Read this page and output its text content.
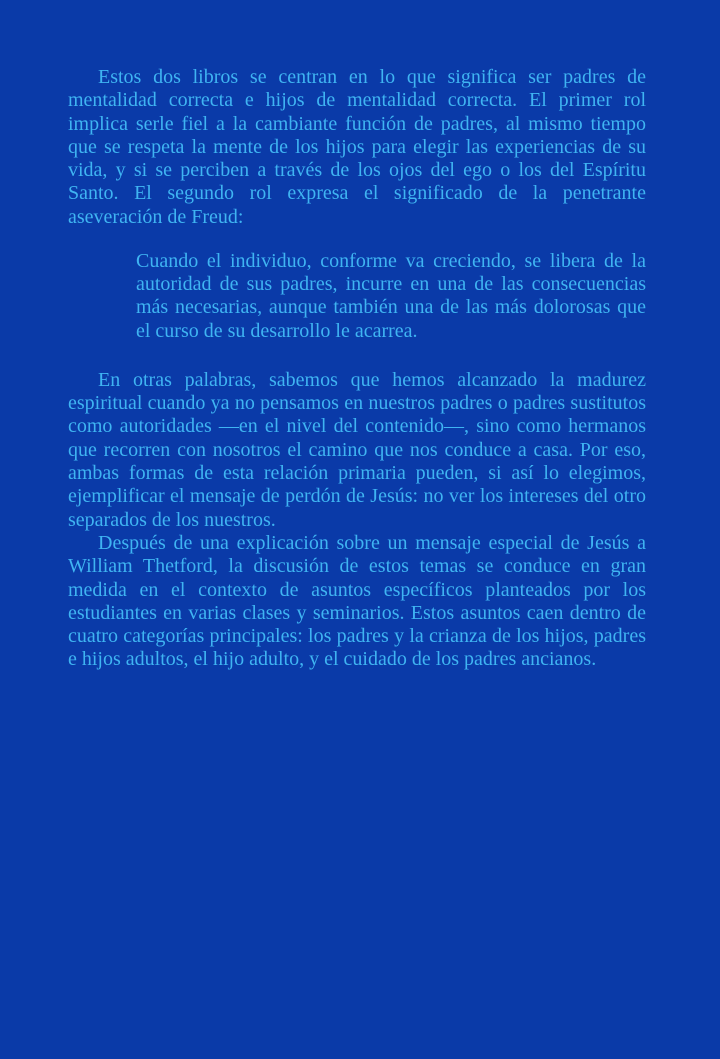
Estos dos libros se centran en lo que significa ser padres de mentalidad correcta e hijos de mentalidad correcta. El primer rol implica serle fiel a la cambiante función de padres, al mismo tiempo que se respeta la mente de los hijos para elegir las experiencias de su vida, y si se perciben a través de los ojos del ego o los del Espíritu Santo. El segundo rol expresa el significado de la penetrante aseveración de Freud:

Cuando el individuo, conforme va creciendo, se libera de la autoridad de sus padres, incurre en una de las consecuencias más necesarias, aunque también una de las más dolorosas que el curso de su desarrollo le acarrea.

En otras palabras, sabemos que hemos alcanzado la madurez espiritual cuando ya no pensamos en nuestros padres o padres sustitutos como autoridades —en el nivel del contenido—, sino como hermanos que recorren con nosotros el camino que nos conduce a casa. Por eso, ambas formas de esta relación primaria pueden, si así lo elegimos, ejemplificar el mensaje de perdón de Jesús: no ver los intereses del otro separados de los nuestros.

Después de una explicación sobre un mensaje especial de Jesús a William Thetford, la discusión de estos temas se conduce en gran medida en el contexto de asuntos específicos planteados por los estudiantes en varias clases y seminarios. Estos asuntos caen dentro de cuatro categorías principales: los padres y la crianza de los hijos, padres e hijos adultos, el hijo adulto, y el cuidado de los padres ancianos.
